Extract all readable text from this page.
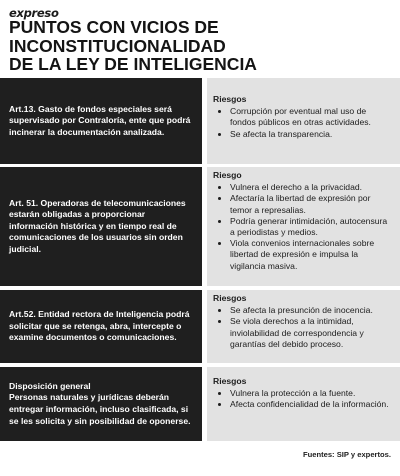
expreso
PUNTOS CON VICIOS DE
INCONSTITUCIONALIDAD
DE LA LEY DE INTELIGENCIA
Art.13. Gasto de fondos especiales será supervisado por Contraloría, ente que podrá incinerar la documentación analizada.
Riesgos
• Corrupción por eventual mal uso de fondos públicos en otras actividades.
• Se afecta la transparencia.
Art. 51. Operadoras de telecomunicaciones estarán obligadas a proporcionar información histórica y en tiempo real de comunicaciones de los usuarios sin orden judicial.
Riesgo
• Vulnera el derecho a la privacidad.
• Afectaría la libertad de expresión por temor a represalias.
• Podría generar intimidación, autocensura a periodistas y medios.
• Viola convenios internacionales sobre libertad de expresión e impulsa la vigilancia masiva.
Art.52. Entidad rectora de Inteligencia podrá solicitar que se retenga, abra, intercepte o examine documentos o comunicaciones.
Riesgos
• Se afecta la presunción de inocencia.
• Se viola derechos a la intimidad, inviolabilidad de correspondencia y garantías del debido proceso.
Disposición general
Personas naturales y jurídicas deberán entregar información, incluso clasificada, si se les solicita y sin posibilidad de oponerse.
Riesgos
• Vulnera la protección a la fuente.
• Afecta confidencialidad de la información.
Fuentes: SIP y expertos.
